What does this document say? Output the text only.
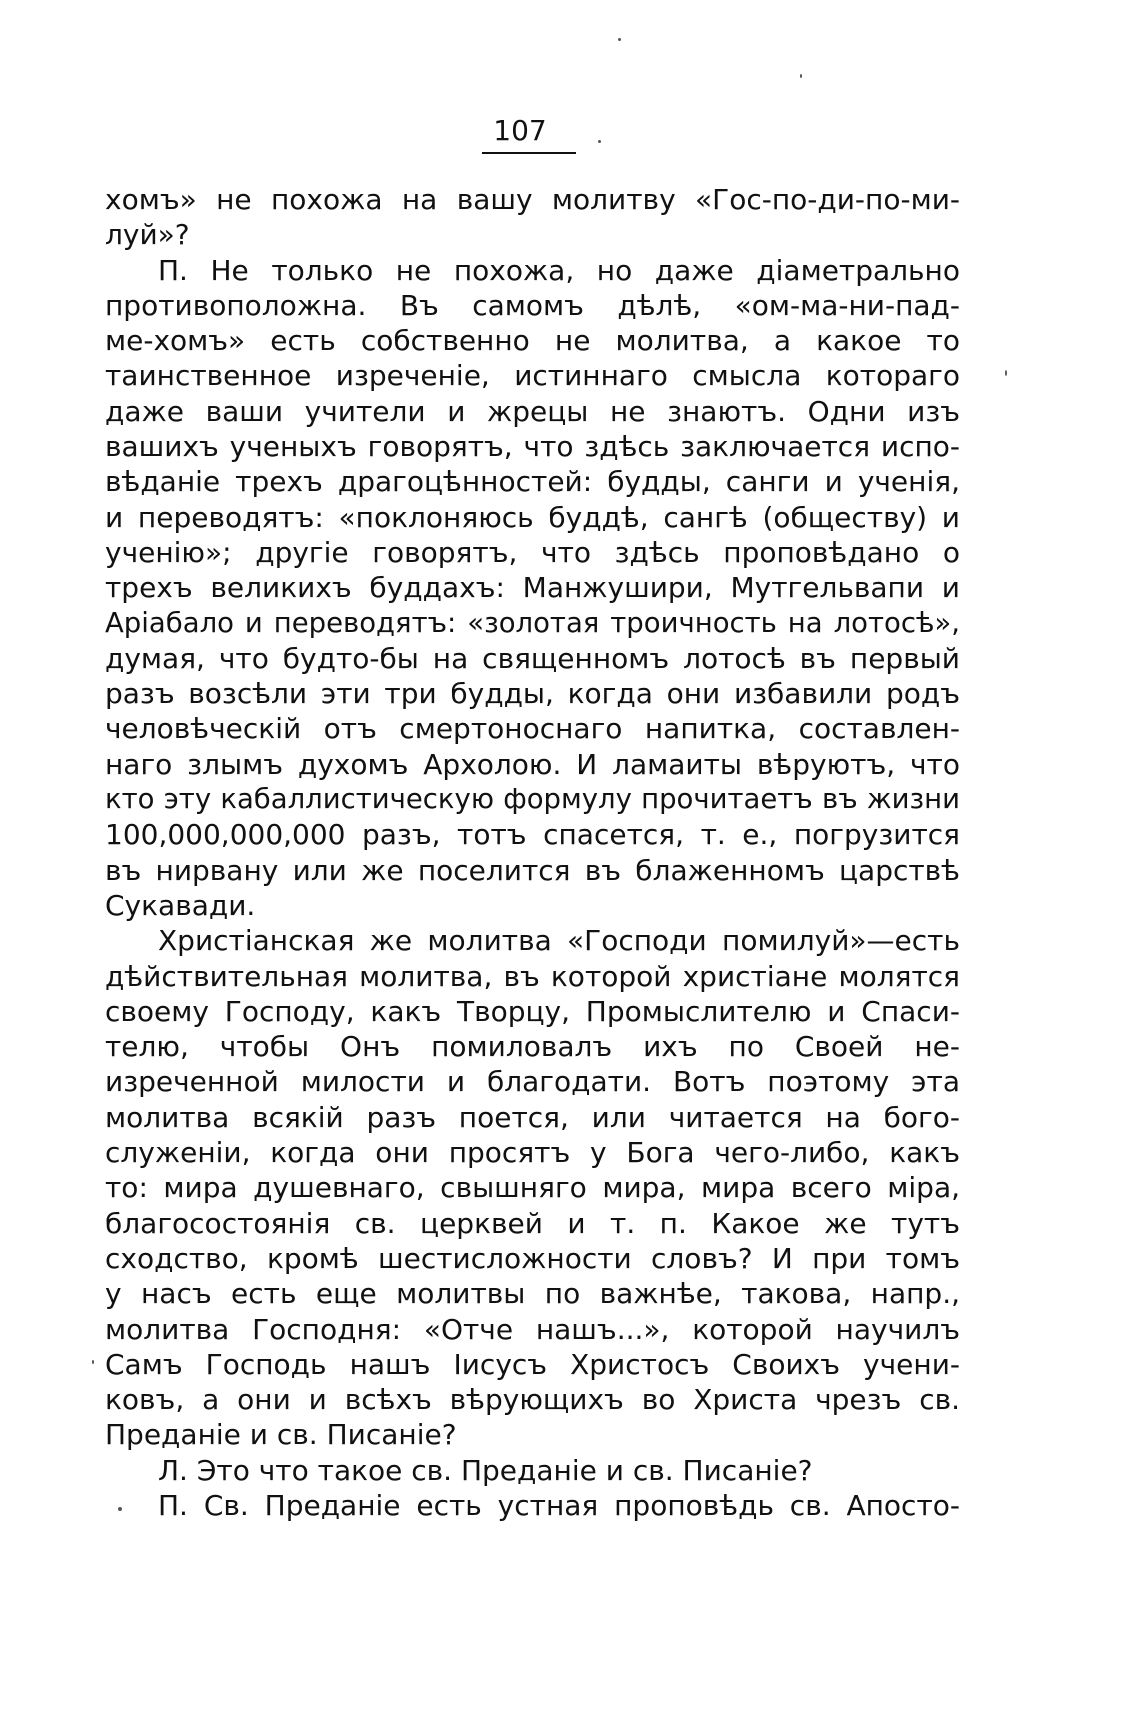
107
хомъ» не похожа на вашу молитву «Гос-по-ди-по-ми-
луй»?
П. Не только не похожа, но даже діаметрально
противоположна. Въ самомъ дѣлѣ, «ом-ма-ни-пад-
ме-хомъ» есть собственно не молитва, а какое то
таинственное изреченіе, истиннаго смысла котораго
даже ваши учители и жрецы не знаютъ. Одни изъ
вашихъ ученыхъ говорятъ, что здѣсь заключается испо-
вѣданіе трехъ драгоцѣнностей: будды, санги и ученія,
и переводятъ: «поклоняюсь буддѣ, сангѣ (обществу) и
ученію»; другіе говорятъ, что здѣсь проповѣдано о
трехъ великихъ буддахъ: Манжушири, Мутгельвапи и
Аріабало и переводятъ: «золотая троичность на лотосѣ»,
думая, что будто-бы на священномъ лотосѣ въ первый
разъ возсѣли эти три будды, когда они избавили родъ
человѣческій отъ смертоноснаго напитка, составлен-
наго злымъ духомъ Архолою. И ламаиты вѣруютъ, что
кто эту кабаллистическую формулу прочитаетъ въ жизни
100,000,000,000 разъ, тотъ спасется, т. е., погрузится
въ нирвану или же поселится въ блаженномъ царствѣ
Сукавади.
Христіанская же молитва «Господи помилуй»—есть
дѣйствительная молитва, въ которой христіане молятся
своему Господу, какъ Творцу, Промыслителю и Спаси-
телю, чтобы Онъ помиловалъ ихъ по Своей не-
изреченной милости и благодати. Вотъ поэтому эта
молитва всякій разъ поется, или читается на бого-
служеніи, когда они просятъ у Бога чего-либо, какъ
то: мира душевнаго, свышняго мира, мира всего міра,
благосостоянія св. церквей и т. п. Какое же тутъ
сходство, кромѣ шестисложности словъ? И при томъ
у насъ есть еще молитвы по важнѣе, такова, напр.,
молитва Господня: «Отче нашъ...», которой научилъ
Самъ Господь нашъ Іисусъ Христосъ Своихъ учени-
ковъ, а они и всѣхъ вѣрующихъ во Христа чрезъ св.
Преданіе и св. Писаніе?
Л. Это что такое св. Преданіе и св. Писаніе?
П. Св. Преданіе есть устная проповѣдь св. Апосто-
